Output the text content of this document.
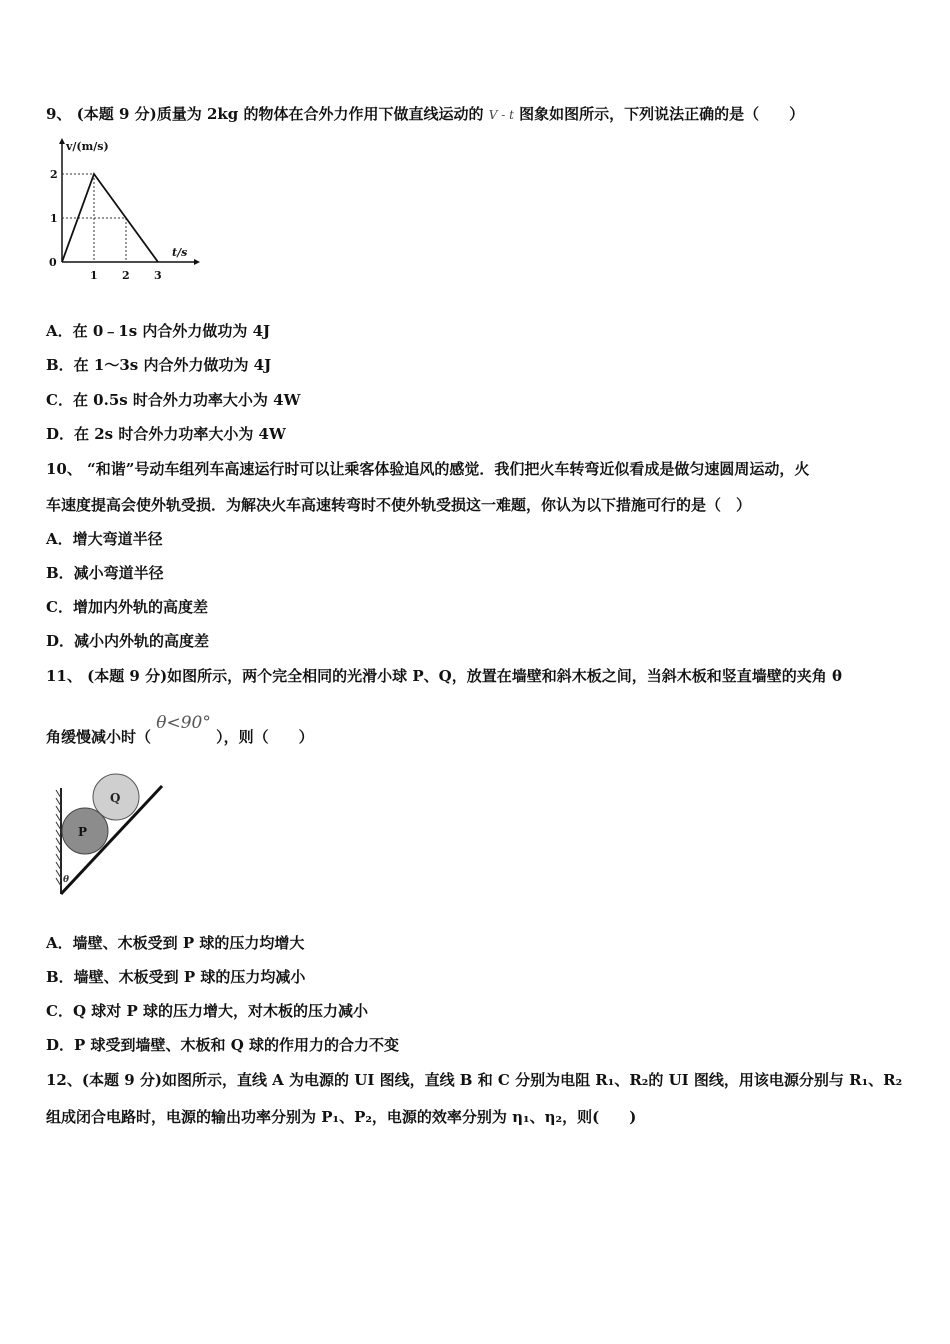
9、 (本题 9 分)质量为 2kg 的物体在合外力作用下做直线运动的 V - t 图象如图所示，下列说法正确的是（　　）
v/(m/s)
t/s
0
1
2
1 2 3
A．在 0﹣1s 内合外力做功为 4J
B．在 1～3s 内合外力做功为 4J
C．在 0.5s 时合外力功率大小为 4W
D．在 2s 时合外力功率大小为 4W
10、 “和谐”号动车组列车高速运行时可以让乘客体验追风的感觉．我们把火车转弯近似看成是做匀速圆周运动，火
车速度提高会使外轨受损．为解决火车高速转弯时不使外轨受损这一难题，你认为以下措施可行的是（　）
A．增大弯道半径
B．减小弯道半径
C．增加内外轨的高度差
D．减小内外轨的高度差
11、 (本题 9 分)如图所示，两个完全相同的光滑小球 P、Q，放置在墙壁和斜木板之间，当斜木板和竖直墙壁的夹角 θ
角缓慢减小时（ θ<90° ），则（　　）
Q
P
θ
A．墙壁、木板受到 P 球的压力均增大
B．墙壁、木板受到 P 球的压力均减小
C．Q 球对 P 球的压力增大，对木板的压力减小
D．P 球受到墙壁、木板和 Q 球的作用力的合力不变
12、(本题 9 分)如图所示，直线 A 为电源的 UI 图线，直线 B 和 C 分别为电阻 R₁、R₂的 UI 图线，用该电源分别与 R₁、R₂
组成闭合电路时，电源的输出功率分别为 P₁、P₂，电源的效率分别为 η₁、η₂，则(　　)
